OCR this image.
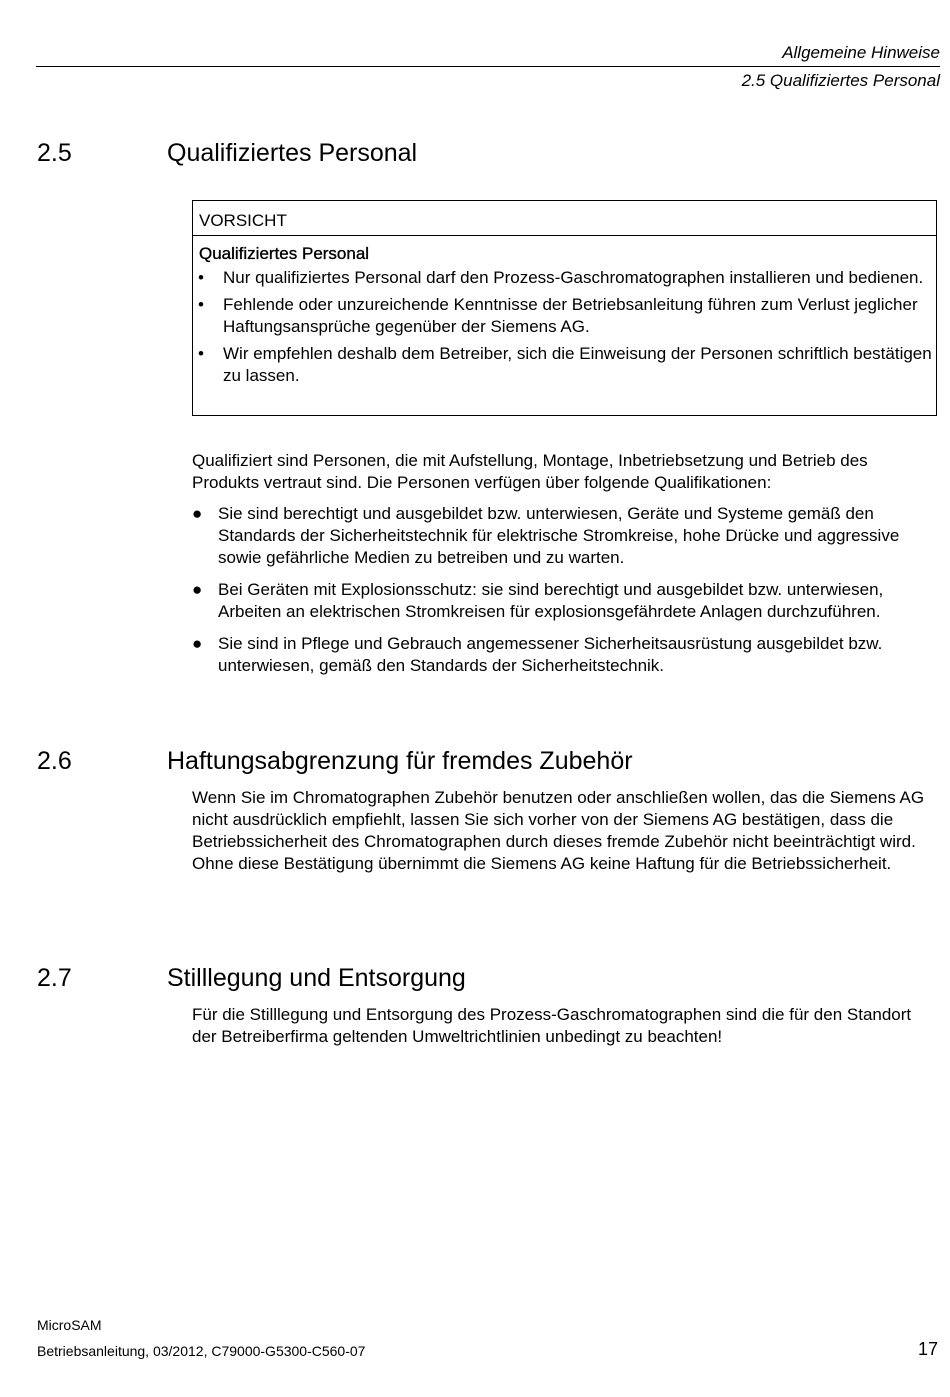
Allgemeine Hinweise
2.5 Qualifiziertes Personal
2.5	Qualifiziertes Personal
VORSICHT
Qualifiziertes Personal
• Nur qualifiziertes Personal darf den Prozess-Gaschromatographen installieren und bedienen.
• Fehlende oder unzureichende Kenntnisse der Betriebsanleitung führen zum Verlust jeglicher Haftungsansprüche gegenüber der Siemens AG.
• Wir empfehlen deshalb dem Betreiber, sich die Einweisung der Personen schriftlich bestätigen zu lassen.

Qualifiziert sind Personen, die mit Aufstellung, Montage, Inbetriebsetzung und Betrieb des Produkts vertraut sind. Die Personen verfügen über folgende Qualifikationen:

● Sie sind berechtigt und ausgebildet bzw. unterwiesen, Geräte und Systeme gemäß den Standards der Sicherheitstechnik für elektrische Stromkreise, hohe Drücke und aggressive sowie gefährliche Medien zu betreiben und zu warten.
● Bei Geräten mit Explosionsschutz: sie sind berechtigt und ausgebildet bzw. unterwiesen, Arbeiten an elektrischen Stromkreisen für explosionsgefährdete Anlagen durchzuführen.
● Sie sind in Pflege und Gebrauch angemessener Sicherheitsausrüstung ausgebildet bzw. unterwiesen, gemäß den Standards der Sicherheitstechnik.
2.6	Haftungsabgrenzung für fremdes Zubehör

Wenn Sie im Chromatographen Zubehör benutzen oder anschließen wollen, das die Siemens AG nicht ausdrücklich empfiehlt, lassen Sie sich vorher von der Siemens AG bestätigen, dass die Betriebssicherheit des Chromatographen durch dieses fremde Zubehör nicht beeinträchtigt wird. Ohne diese Bestätigung übernimmt die Siemens AG keine Haftung für die Betriebssicherheit.

2.7	Stilllegung und Entsorgung

Für die Stilllegung und Entsorgung des Prozess-Gaschromatographen sind die für den Standort der Betreiberfirma geltenden Umweltrichtlinien unbedingt zu beachten!

MicroSAM
Betriebsanleitung, 03/2012, C79000-G5300-C560-07	17
